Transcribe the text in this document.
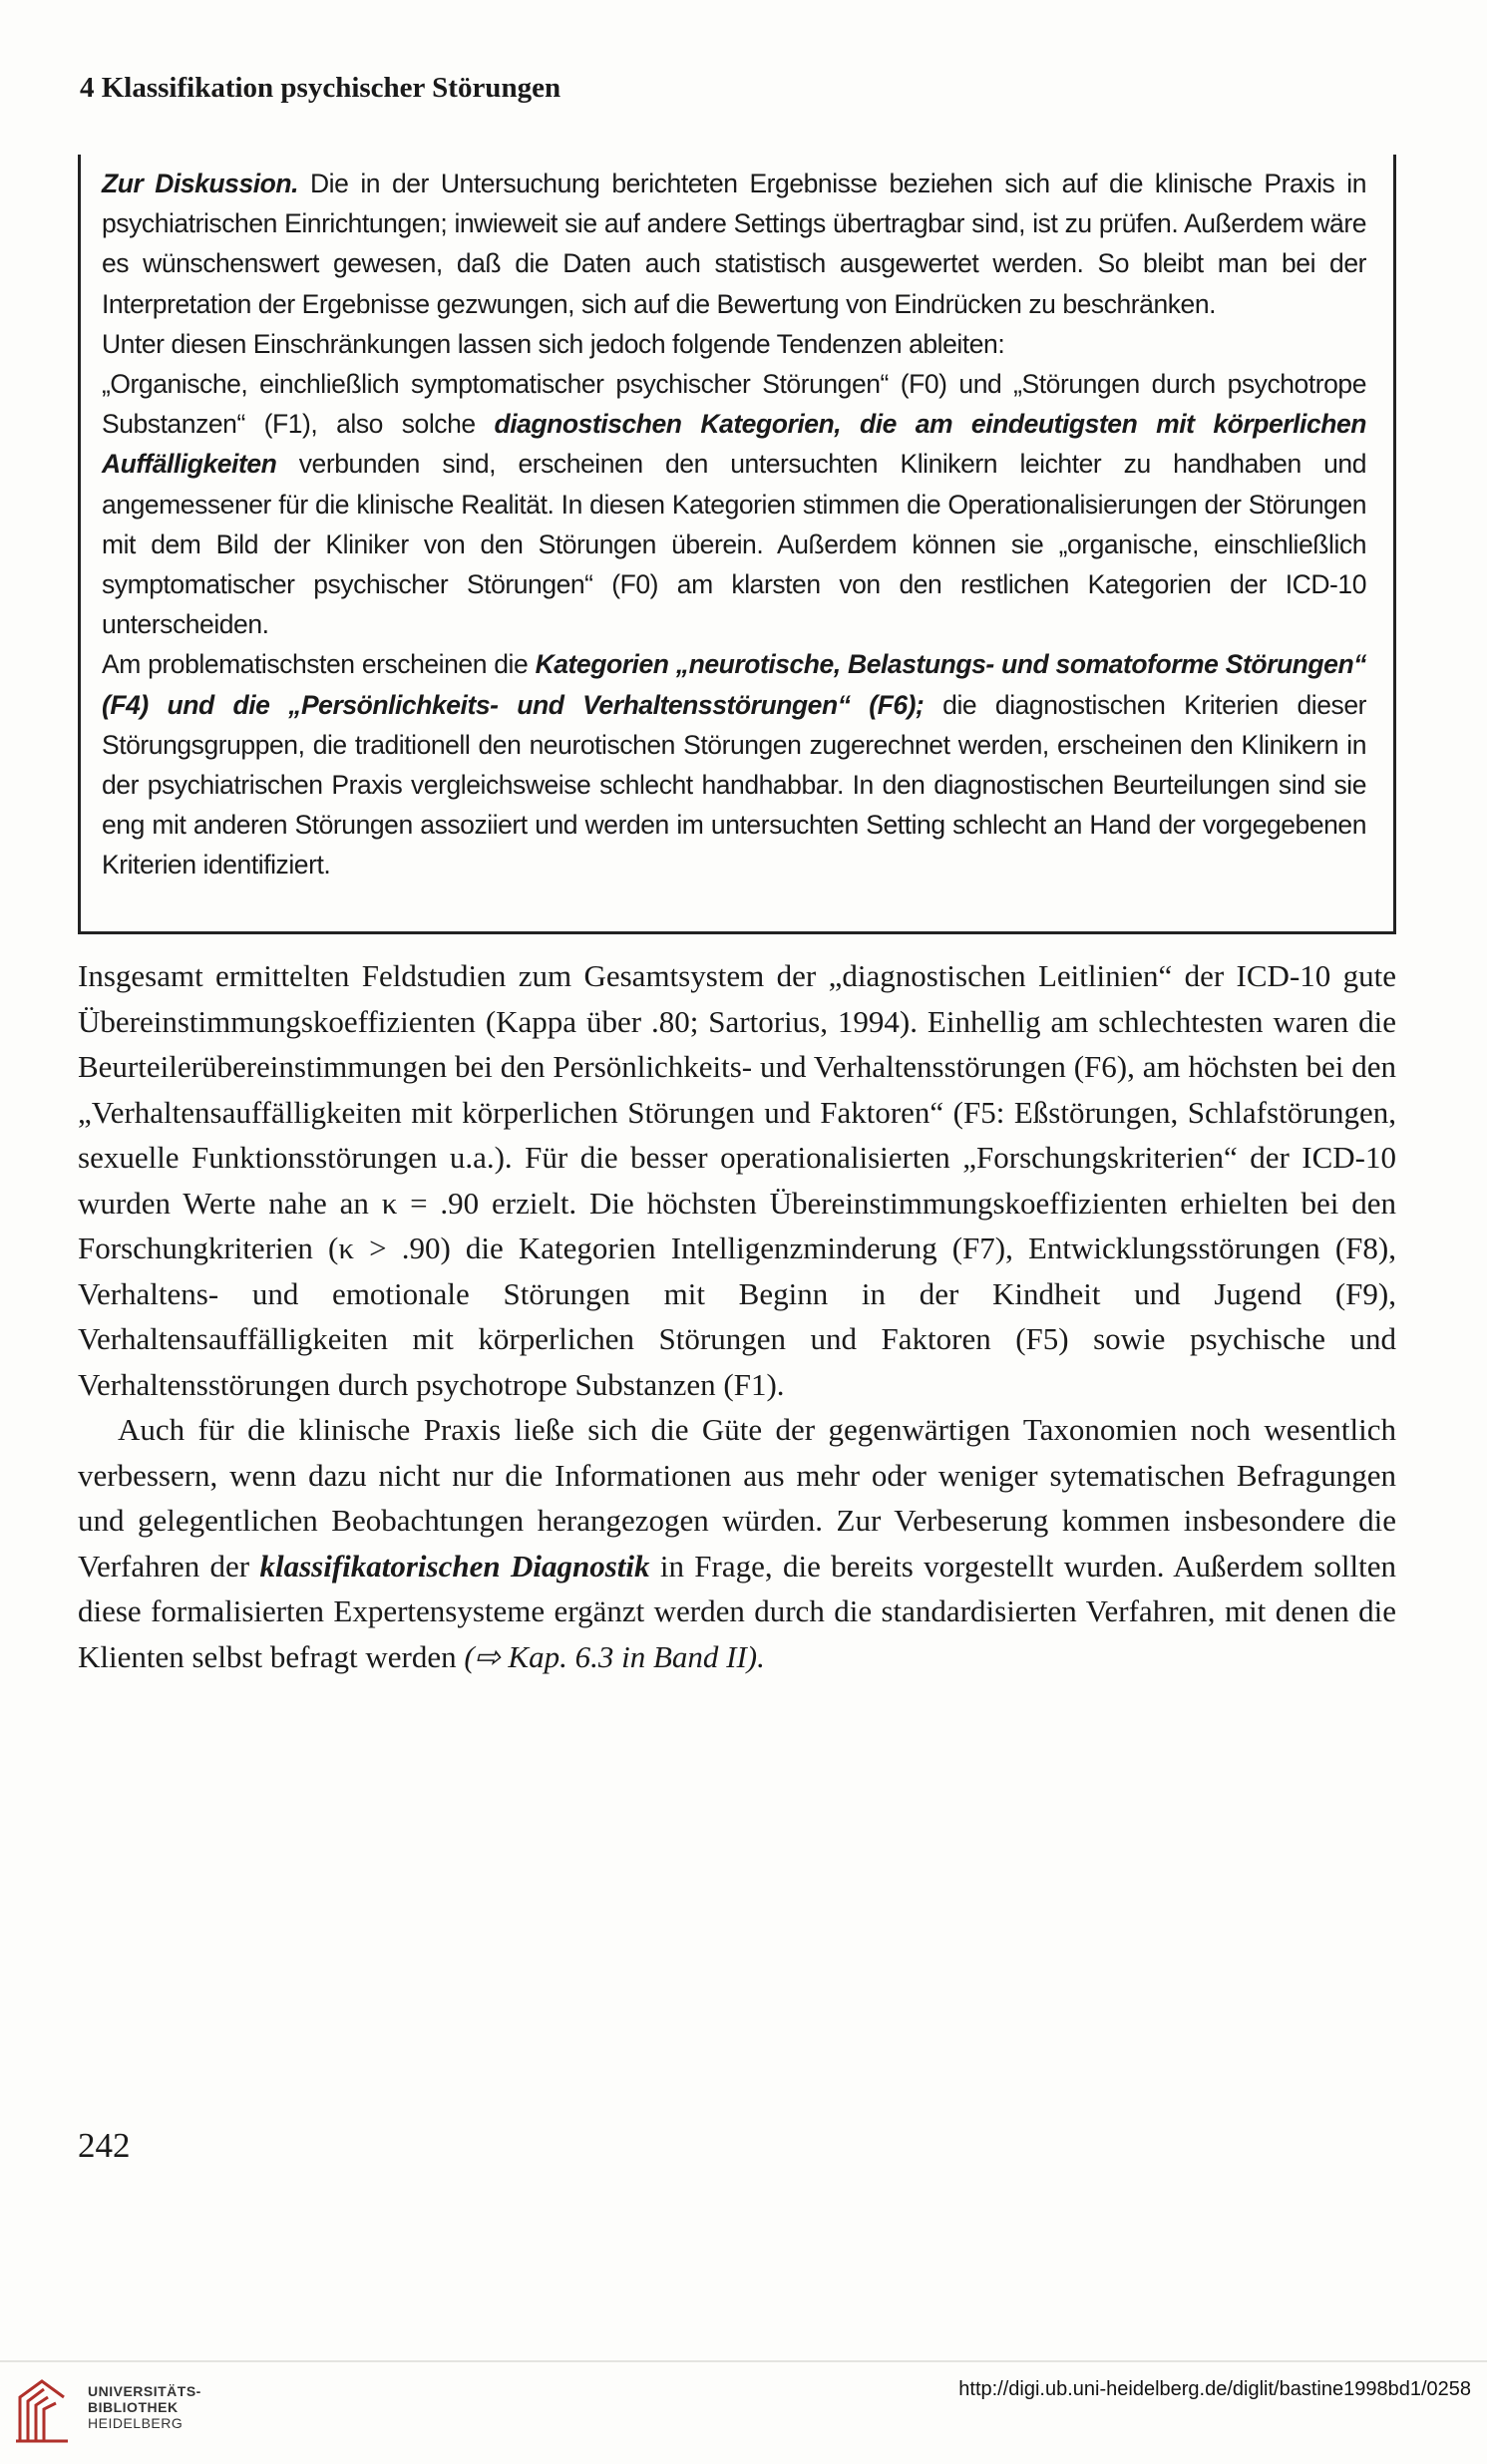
4 Klassifikation psychischer Störungen

Zur Diskussion. Die in der Untersuchung berichteten Ergebnisse beziehen sich auf die klinische Praxis in psychiatrischen Einrichtungen; inwieweit sie auf andere Settings übertragbar sind, ist zu prüfen. Außerdem wäre es wünschenswert gewesen, daß die Daten auch statistisch ausgewertet werden. So bleibt man bei der Interpretation der Ergebnisse gezwungen, sich auf die Bewertung von Eindrücken zu beschränken.

Unter diesen Einschränkungen lassen sich jedoch folgende Tendenzen ableiten:

„Organische, einchließlich symptomatischer psychischer Störungen“ (F0) und „Störungen durch psychotrope Substanzen“ (F1), also solche diagnostischen Kategorien, die am eindeutigsten mit körperlichen Auffälligkeiten verbunden sind, erscheinen den untersuchten Klinikern leichter zu handhaben und angemessener für die klinische Realität. In diesen Kategorien stimmen die Operationalisierungen der Störungen mit dem Bild der Kliniker von den Störungen überein. Außerdem können sie „organische, einschließlich symptomatischer psychischer Störungen“ (F0) am klarsten von den restlichen Kategorien der ICD-10 unterscheiden.

Am problematischsten erscheinen die Kategorien „neurotische, Belastungs- und somatoforme Störungen“ (F4) und die „Persönlichkeits- und Verhaltensstörungen“ (F6); die diagnostischen Kriterien dieser Störungsgruppen, die traditionell den neurotischen Störungen zugerechnet werden, erscheinen den Klinikern in der psychiatrischen Praxis vergleichsweise schlecht handhabbar. In den diagnostischen Beurteilungen sind sie eng mit anderen Störungen assoziiert und werden im untersuchten Setting schlecht an Hand der vorgegebenen Kriterien identifiziert.

Insgesamt ermittelten Feldstudien zum Gesamtsystem der „diagnostischen Leitlinien“ der ICD-10 gute Übereinstimmungskoeffizienten (Kappa über .80; Sartorius, 1994). Einhellig am schlechtesten waren die Beurteilerübereinstimmungen bei den Persönlichkeits- und Verhaltensstörungen (F6), am höchsten bei den „Verhaltensauffälligkeiten mit körperlichen Störungen und Faktoren“ (F5: Eßstörungen, Schlafstörungen, sexuelle Funktionsstörungen u.a.). Für die besser operationalisierten „Forschungskriterien“ der ICD-10 wurden Werte nahe an κ = .90 erzielt. Die höchsten Übereinstimmungskoeffizienten erhielten bei den Forschungkriterien (κ > .90) die Kategorien Intelligenzminderung (F7), Entwicklungsstörungen (F8), Verhaltens- und emotionale Störungen mit Beginn in der Kindheit und Jugend (F9), Verhaltensauffälligkeiten mit körperlichen Störungen und Faktoren (F5) sowie psychische und Verhaltensstörungen durch psychotrope Substanzen (F1).

Auch für die klinische Praxis ließe sich die Güte der gegenwärtigen Taxonomien noch wesentlich verbessern, wenn dazu nicht nur die Informationen aus mehr oder weniger sytematischen Befragungen und gelegentlichen Beobachtungen herangezogen würden. Zur Verbeserung kommen insbesondere die Verfahren der klassifikatorischen Diagnostik in Frage, die bereits vorgestellt wurden. Außerdem sollten diese formalisierten Expertensysteme ergänzt werden durch die standardisierten Verfahren, mit denen die Klienten selbst befragt werden (⇨ Kap. 6.3 in Band II).

242
UNIVERSITÄTS-
BIBLIOTHEK
HEIDELBERG
http://digi.ub.uni-heidelberg.de/diglit/bastine1998bd1/0258
